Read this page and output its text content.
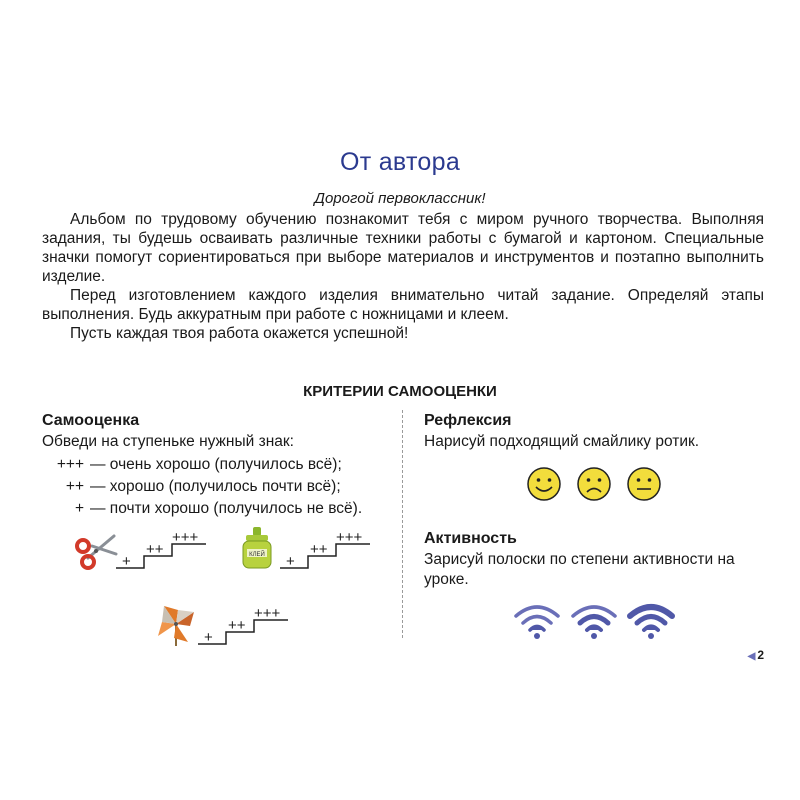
От автора
Дорогой первоклассник!

Альбом по трудовому обучению познакомит тебя с миром ручного творчества. Выполняя задания, ты будешь осваивать различные техники работы с бумагой и картоном. Специальные значки помогут сориентироваться при выборе материалов и инструментов и поэтапно выполнить изделие.

Перед изготовлением каждого изделия внимательно читай задание. Определяй этапы выполнения. Будь аккуратным при работе с ножницами и клеем.

Пусть каждая твоя работа окажется успешной!

КРИТЕРИИ САМООЦЕНКИ

Самооценка

Обведи на ступеньке нужный знак:

+++ — очень хорошо (получилось всё);
++ — хорошо (получилось почти всё);
+ — почти хорошо (получилось не всё).
+
++
+++
КЛЕЙ +
++
+++
+
++
+++

Рефлексия

Нарисуй подходящий смайлику ротик.

Активность

Зарисуй полоски по степени активности на уроке.

◀ 2
